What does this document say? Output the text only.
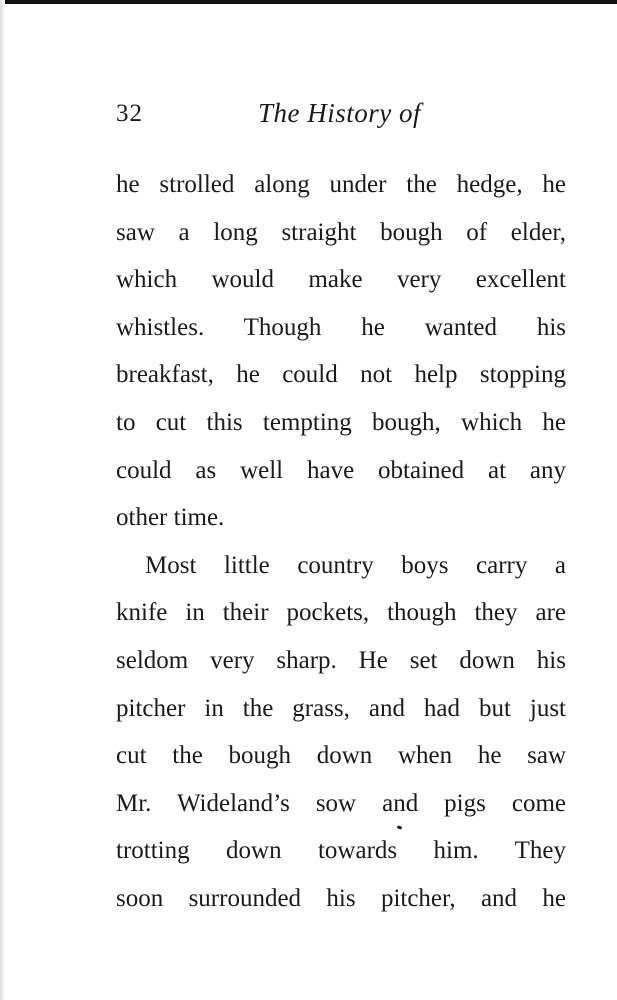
32	The History of
he strolled along under the hedge, he
saw a long straight bough of elder,
which would make very excellent
whistles. Though he wanted his
breakfast, he could not help stopping
to cut this tempting bough, which he
could as well have obtained at any
other time.
Most little country boys carry a
knife in their pockets, though they are
seldom very sharp. He set down his
pitcher in the grass, and had but just
cut the bough down when he saw
Mr. Wideland’s sow and pigs come
trotting down towards him. They
soon surrounded his pitcher, and he
